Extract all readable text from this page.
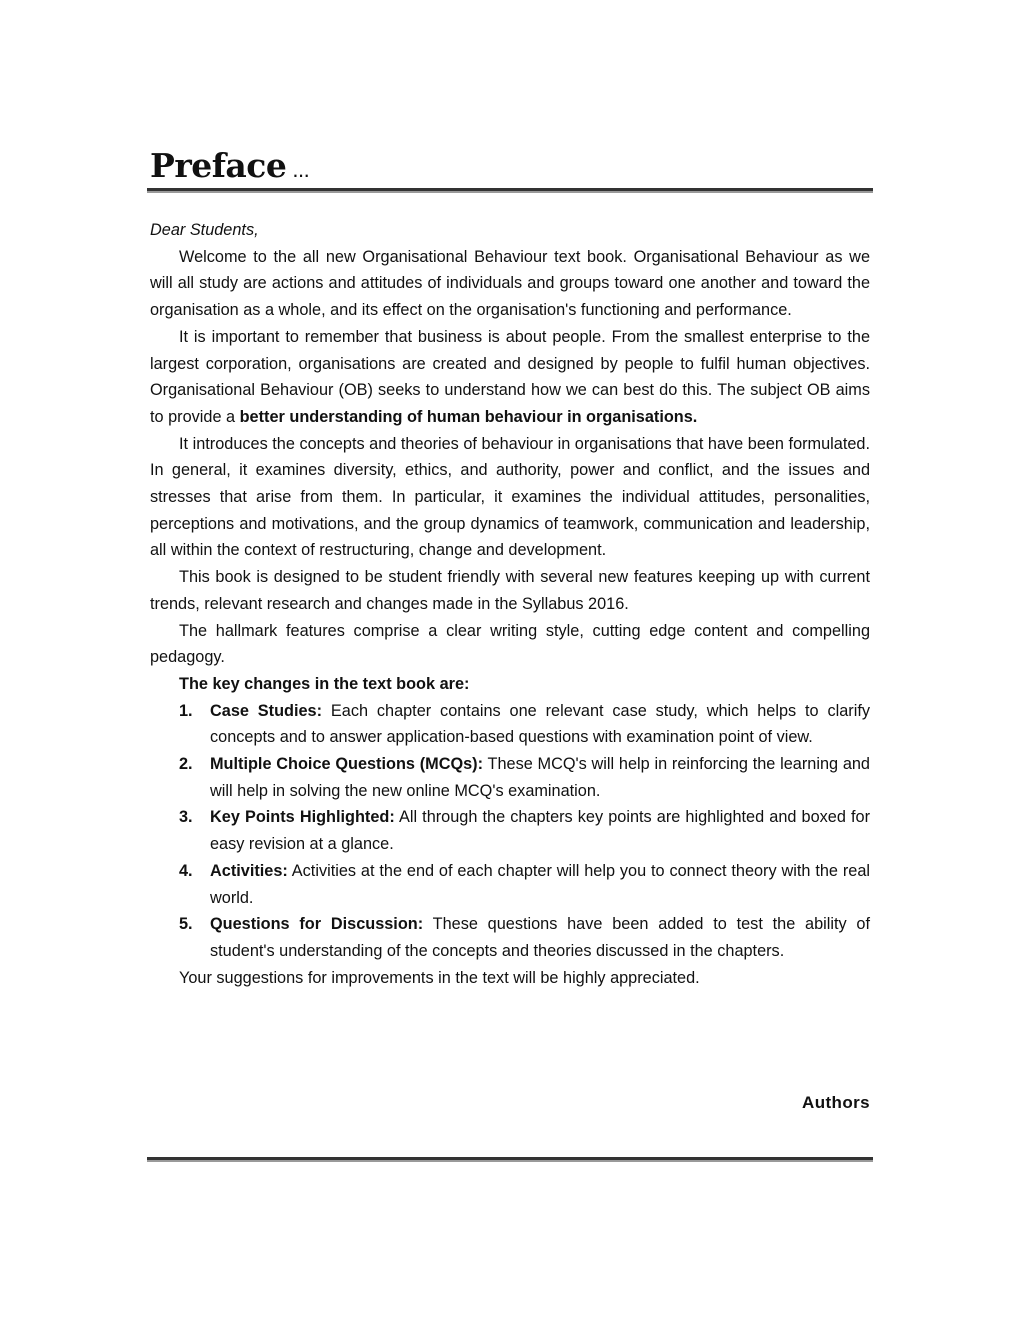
Preface ...

Dear Students,

Welcome to the all new Organisational Behaviour text book. Organisational Behaviour as we will all study are actions and attitudes of individuals and groups toward one another and toward the organisation as a whole, and its effect on the organisation's functioning and performance.

It is important to remember that business is about people. From the smallest enterprise to the largest corporation, organisations are created and designed by people to fulfil human objectives. Organisational Behaviour (OB) seeks to understand how we can best do this. The subject OB aims to provide a better understanding of human behaviour in organisations.

It introduces the concepts and theories of behaviour in organisations that have been formulated. In general, it examines diversity, ethics, and authority, power and conflict, and the issues and stresses that arise from them. In particular, it examines the individual attitudes, personalities, perceptions and motivations, and the group dynamics of teamwork, communication and leadership, all within the context of restructuring, change and development.

This book is designed to be student friendly with several new features keeping up with current trends, relevant research and changes made in the Syllabus 2016.

The hallmark features comprise a clear writing style, cutting edge content and compelling pedagogy.

The key changes in the text book are:

1. Case Studies: Each chapter contains one relevant case study, which helps to clarify concepts and to answer application-based questions with examination point of view.
2. Multiple Choice Questions (MCQs): These MCQ's will help in reinforcing the learning and will help in solving the new online MCQ's examination.
3. Key Points Highlighted: All through the chapters key points are highlighted and boxed for easy revision at a glance.
4. Activities: Activities at the end of each chapter will help you to connect theory with the real world.
5. Questions for Discussion: These questions have been added to test the ability of student's understanding of the concepts and theories discussed in the chapters.

Your suggestions for improvements in the text will be highly appreciated.

Authors
